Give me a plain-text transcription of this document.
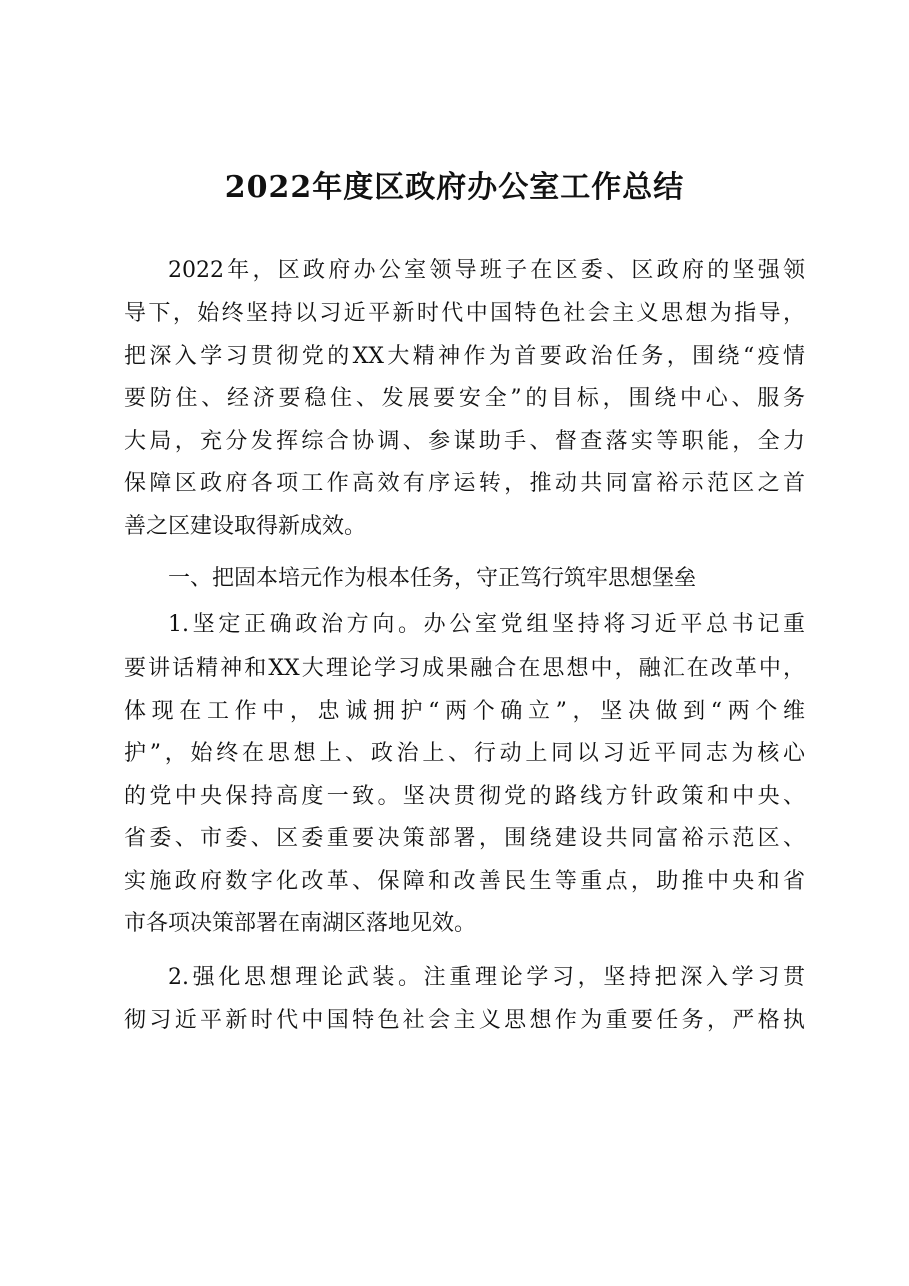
2022年度区政府办公室工作总结

2022年，区政府办公室领导班子在区委、区政府的坚强领

导下，始终坚持以习近平新时代中国特色社会主义思想为指导，

把深入学习贯彻党的XX大精神作为首要政治任务，围绕“疫情

要防住、经济要稳住、发展要安全”的目标，围绕中心、服务

大局，充分发挥综合协调、参谋助手、督查落实等职能，全力

保障区政府各项工作高效有序运转，推动共同富裕示范区之首

善之区建设取得新成效。

一、把固本培元作为根本任务，守正笃行筑牢思想堡垒

1.坚定正确政治方向。办公室党组坚持将习近平总书记重

要讲话精神和XX大理论学习成果融合在思想中，融汇在改革中，

体现在工作中，忠诚拥护“两个确立”，坚决做到“两个维

护”，始终在思想上、政治上、行动上同以习近平同志为核心

的党中央保持高度一致。坚决贯彻党的路线方针政策和中央、

省委、市委、区委重要决策部署，围绕建设共同富裕示范区、

实施政府数字化改革、保障和改善民生等重点，助推中央和省

市各项决策部署在南湖区落地见效。

2.强化思想理论武装。注重理论学习，坚持把深入学习贯

彻习近平新时代中国特色社会主义思想作为重要任务，严格执
